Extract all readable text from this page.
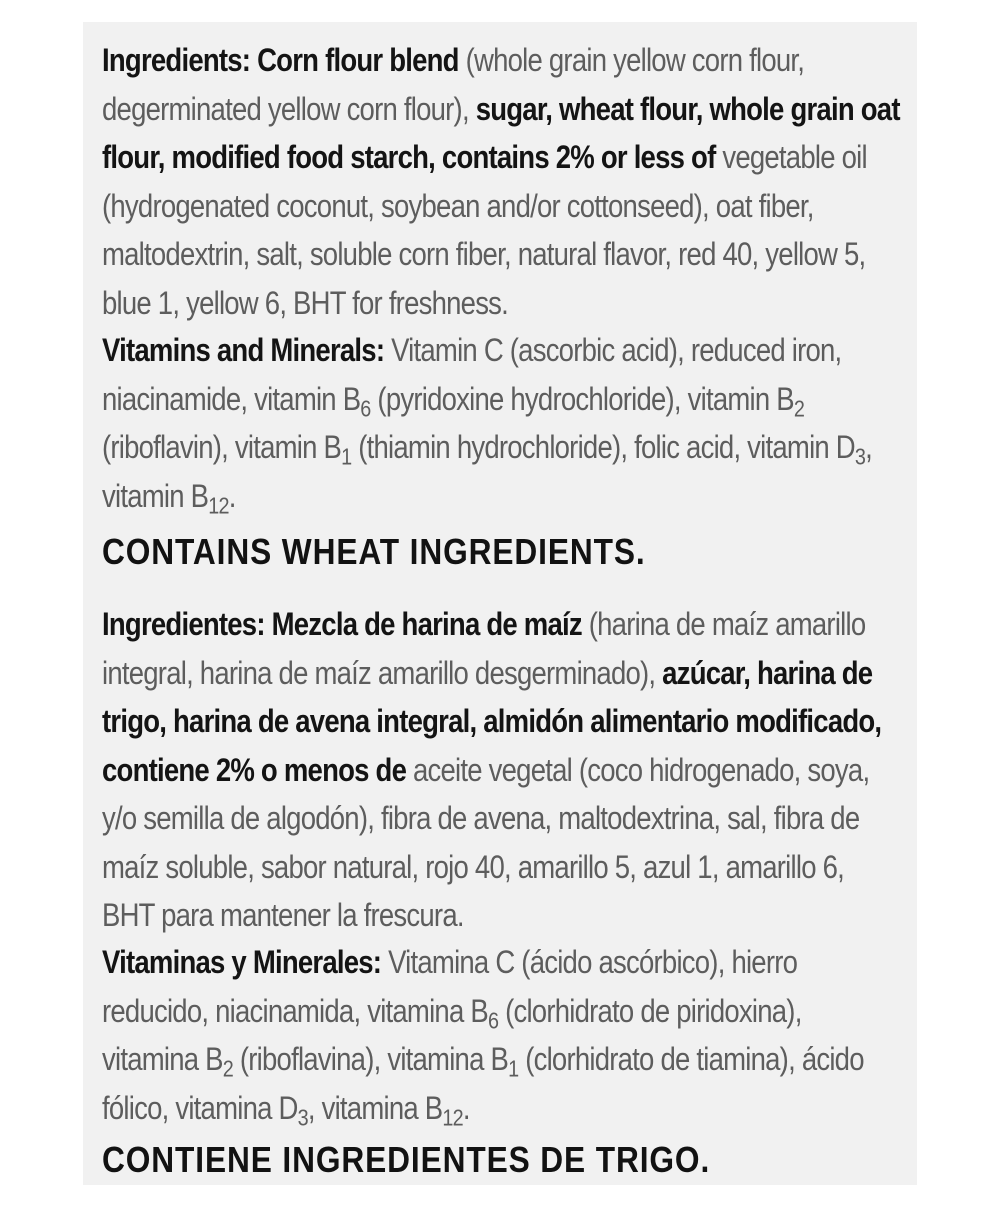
Ingredients: Corn flour blend (whole grain yellow corn flour, degerminated yellow corn flour), sugar, wheat flour, whole grain oat flour, modified food starch, contains 2% or less of vegetable oil (hydrogenated coconut, soybean and/or cottonseed), oat fiber, maltodextrin, salt, soluble corn fiber, natural flavor, red 40, yellow 5, blue 1, yellow 6, BHT for freshness.

Vitamins and Minerals: Vitamin C (ascorbic acid), reduced iron, niacinamide, vitamin $B_6$ (pyridoxine hydrochloride), vitamin $B_2$ (riboflavin), vitamin $B_1$ (thiamin hydrochloride), folic acid, vitamin $D_3$, vitamin $B_{12}$.

CONTAINS WHEAT INGREDIENTS.

Ingredientes: Mezcla de harina de maíz (harina de maíz amarillo integral, harina de maíz amarillo desgerminado), azúcar, harina de trigo, harina de avena integral, almidón alimentario modificado, contiene 2% o menos de aceite vegetal (coco hidrogenado, soya, y/o semilla de algodón), fibra de avena, maltodextrina, sal, fibra de maíz soluble, sabor natural, rojo 40, amarillo 5, azul 1, amarillo 6, BHT para mantener la frescura.

Vitaminas y Minerales: Vitamina C (ácido ascórbico), hierro reducido, niacinamida, vitamina $B_6$ (clorhidrato de piridoxina), vitamina $B_2$ (riboflavina), vitamina $B_1$ (clorhidrato de tiamina), ácido fólico, vitamina $D_3$, vitamina $B_{12}$.

CONTIENE INGREDIENTES DE TRIGO.
